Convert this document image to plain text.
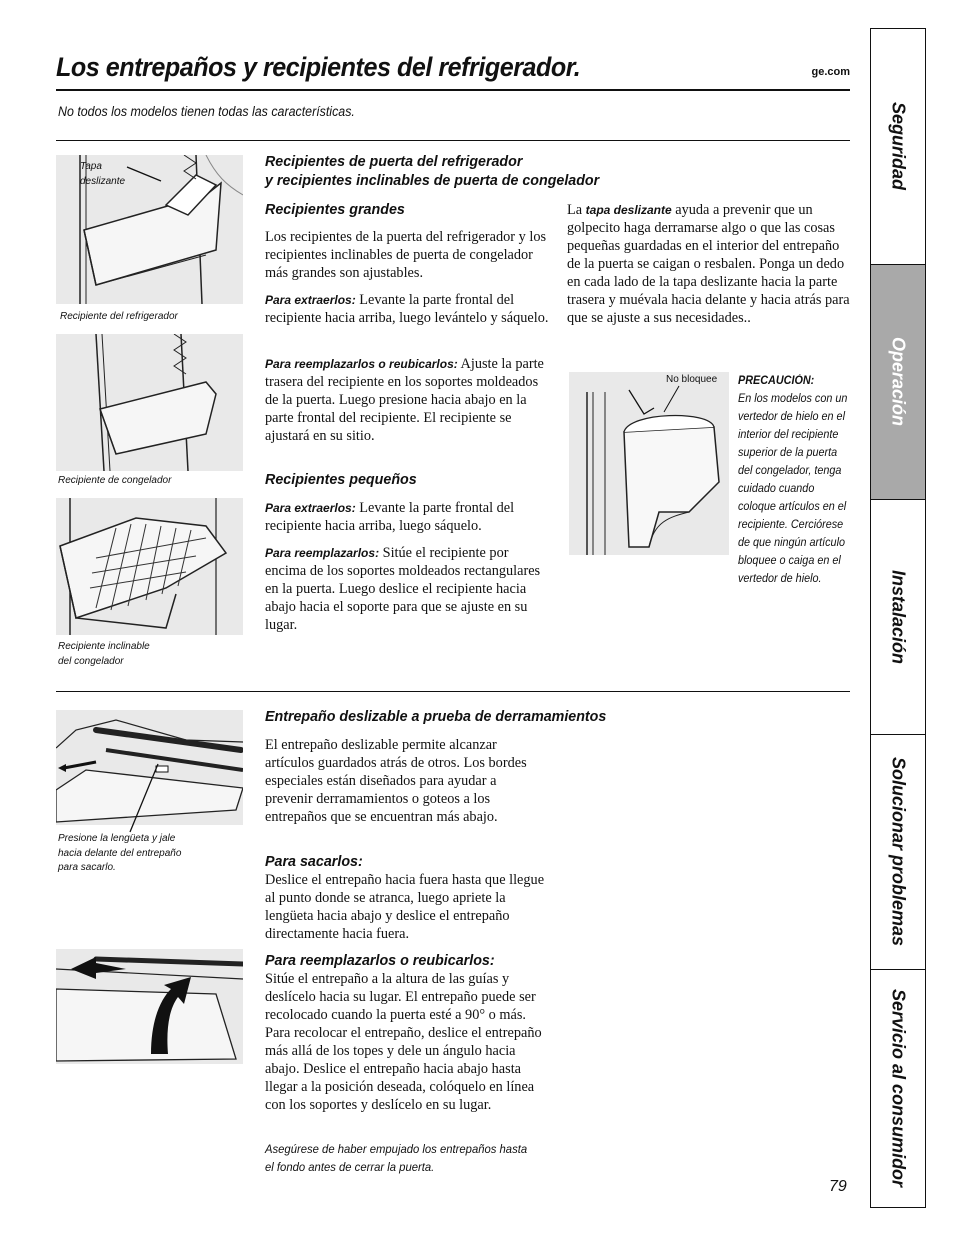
Los entrepaños y recipientes del refrigerador.	ge.com
No todos los modelos tienen todas las características.
Tapa
deslizante
Recipiente del refrigerador
Recipiente de congelador
Recipiente inclinable
del congelador
Recipientes de puerta del refrigerador
y recipientes inclinables de puerta de congelador
Recipientes grandes
Los recipientes de la puerta del refrigerador y los recipientes inclinables de puerta de congelador más grandes son ajustables.
Para extraerlos: Levante la parte frontal del recipiente hacia arriba, luego levántelo y sáquelo.
Para reemplazarlos o reubicarlos: Ajuste la parte trasera del recipiente en los soportes moldeados de la puerta. Luego presione hacia abajo en la parte frontal del recipiente. El recipiente se ajustará en su sitio.
Recipientes pequeños
Para extraerlos: Levante la parte frontal del recipiente hacia arriba, luego sáquelo.
Para reemplazarlos: Sitúe el recipiente por encima de los soportes moldeados rectangulares en la puerta. Luego deslice el recipiente hacia abajo hacia el soporte para que se ajuste en su lugar.
La tapa deslizante ayuda a prevenir que un golpecito haga derramarse algo o que las cosas pequeñas guardadas en el interior del entrepaño de la puerta se caigan o resbalen. Ponga un dedo en cada lado de la tapa deslizante hacia la parte trasera y muévala hacia delante y hacia atrás para que se ajuste a sus necesidades..
No bloquee PRECAUCIÓN:
En los modelos con un vertedor de hielo en el interior del recipiente superior de la puerta del congelador, tenga cuidado cuando coloque artículos en el recipiente. Cerciórese de que ningún artículo bloquee o caiga en el vertedor de hielo.
Presione la lengüeta y jale
hacia delante del entrepaño
para sacarlo.
Entrepaño deslizable a prueba de derramamientos
El entrepaño deslizable permite alcanzar artículos guardados atrás de otros. Los bordes especiales están diseñados para ayudar a prevenir derramamientos o goteos a los entrepaños que se encuentran más abajo.
Para sacarlos:
Deslice el entrepaño hacia fuera hasta que llegue al punto donde se atranca, luego apriete la lengüeta hacia abajo y deslice el entrepaño directamente hacia fuera.
Para reemplazarlos o reubicarlos:
Sitúe el entrepaño a la altura de las guías y deslícelo hacia su lugar. El entrepaño puede ser recolocado cuando la puerta esté a 90° o más. Para recolocar el entrepaño, deslice el entrepaño más allá de los topes y dele un ángulo hacia abajo. Deslice el entrepaño hacia abajo hasta llegar a la posición deseada, colóquelo en línea con los soportes y deslícelo en su lugar.
Asegúrese de haber empujado los entrepaños hasta el fondo antes de cerrar la puerta.
79
Seguridad
Operación
Instalación
Solucionar problemas
Servicio al consumidor
